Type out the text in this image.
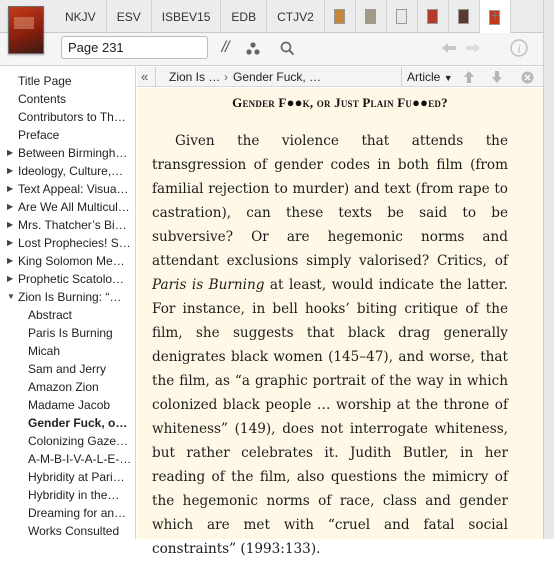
NKJV ESV ISBEV15 EDB CTJV2	+
Page 231
//	i
Title Page
Contents
Contributors to Th…
Preface
▶ Between Birmingh…
▶ Ideology, Culture,…
▶ Text Appeal: Visua…
▶ Are We All Multicul…
▶ Mrs. Thatcher’s Bi…
▶ Lost Prophecies! S…
▶ King Solomon Me…
▶ Prophetic Scatolo…
▼ Zion Is Burning: “…
Abstract
Paris Is Burning
Micah
Sam and Jerry
Amazon Zion
Madame Jacob
Gender Fuck, o…
Colonizing Gaze…
A-M-B-I-V-A-L-E-…
Hybridity at Pari…
Hybridity in the…
Dreaming for an…
Works Consulted
« Zion Is … › Gender Fuck, …	Article ▼
Gender F●●k, or Just Plain Fu●●ed?

Given the violence that attends the transgression of gender codes in both film (from familial rejection to murder) and text (from rape to castration), can these texts be said to be subversive? Or are hegemonic norms and attendant exclusions simply valorised? Critics, of Paris is Burning at least, would indicate the latter. For instance, in bell hooks’ biting critique of the film, she suggests that black drag generally denigrates black women (145–47), and worse, that the film, as “a graphic portrait of the way in which colonized black people … worship at the throne of whiteness” (149), does not interrogate whiteness, but rather celebrates it. Judith Butler, in her reading of the film, also questions the mimicry of the hegemonic norms of race, class and gender which are met with “cruel and fatal social constraints” (1993:133).
